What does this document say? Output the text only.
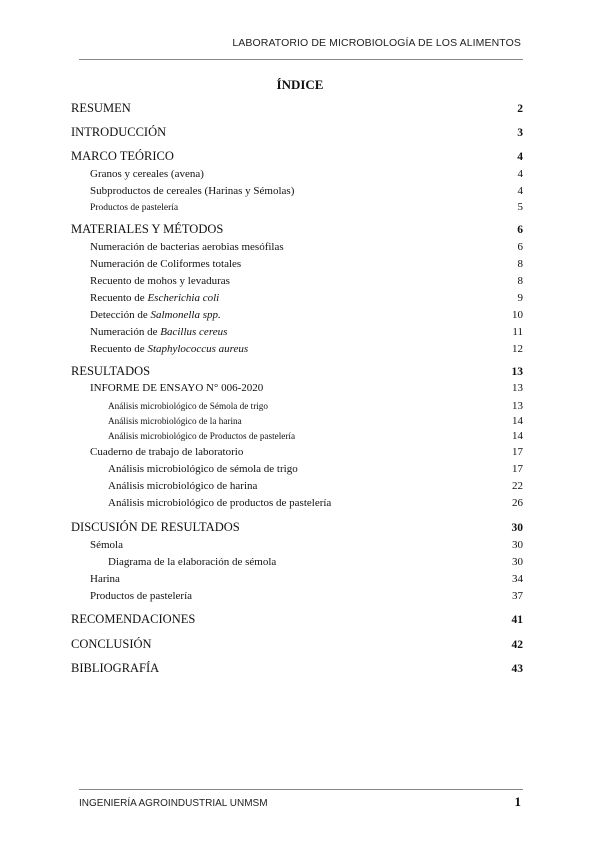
LABORATORIO DE MICROBIOLOGÍA DE LOS ALIMENTOS
ÍNDICE
RESUMEN	2
INTRODUCCIÓN	3
MARCO TEÓRICO	4
Granos y cereales (avena)	4
Subproductos de cereales (Harinas y Sémolas)	4
Productos de pastelería	5
MATERIALES Y MÉTODOS	6
Numeración de bacterias aerobias mesófilas	6
Numeración de Coliformes totales	8
Recuento de mohos y levaduras	8
Recuento de Escherichia coli	9
Detección de Salmonella spp.	10
Numeración de Bacillus cereus	11
Recuento de Staphylococcus aureus	12
RESULTADOS	13
INFORME DE ENSAYO N° 006-2020	13
Análisis microbiológico de Sémola de trigo	13
Análisis microbiológico de la harina	14
Análisis microbiológico de Productos de pastelería	14
Cuaderno de trabajo de laboratorio	17
Análisis microbiológico de sémola de trigo	17
Análisis microbiológico de harina	22
Análisis microbiológico de productos de pastelería	26
DISCUSIÓN DE RESULTADOS	30
Sémola	30
Diagrama de la elaboración de sémola	30
Harina	34
Productos de pastelería	37
RECOMENDACIONES	41
CONCLUSIÓN	42
BIBLIOGRAFÍA	43
INGENIERÍA AGROINDUSTRIAL UNMSM	1
